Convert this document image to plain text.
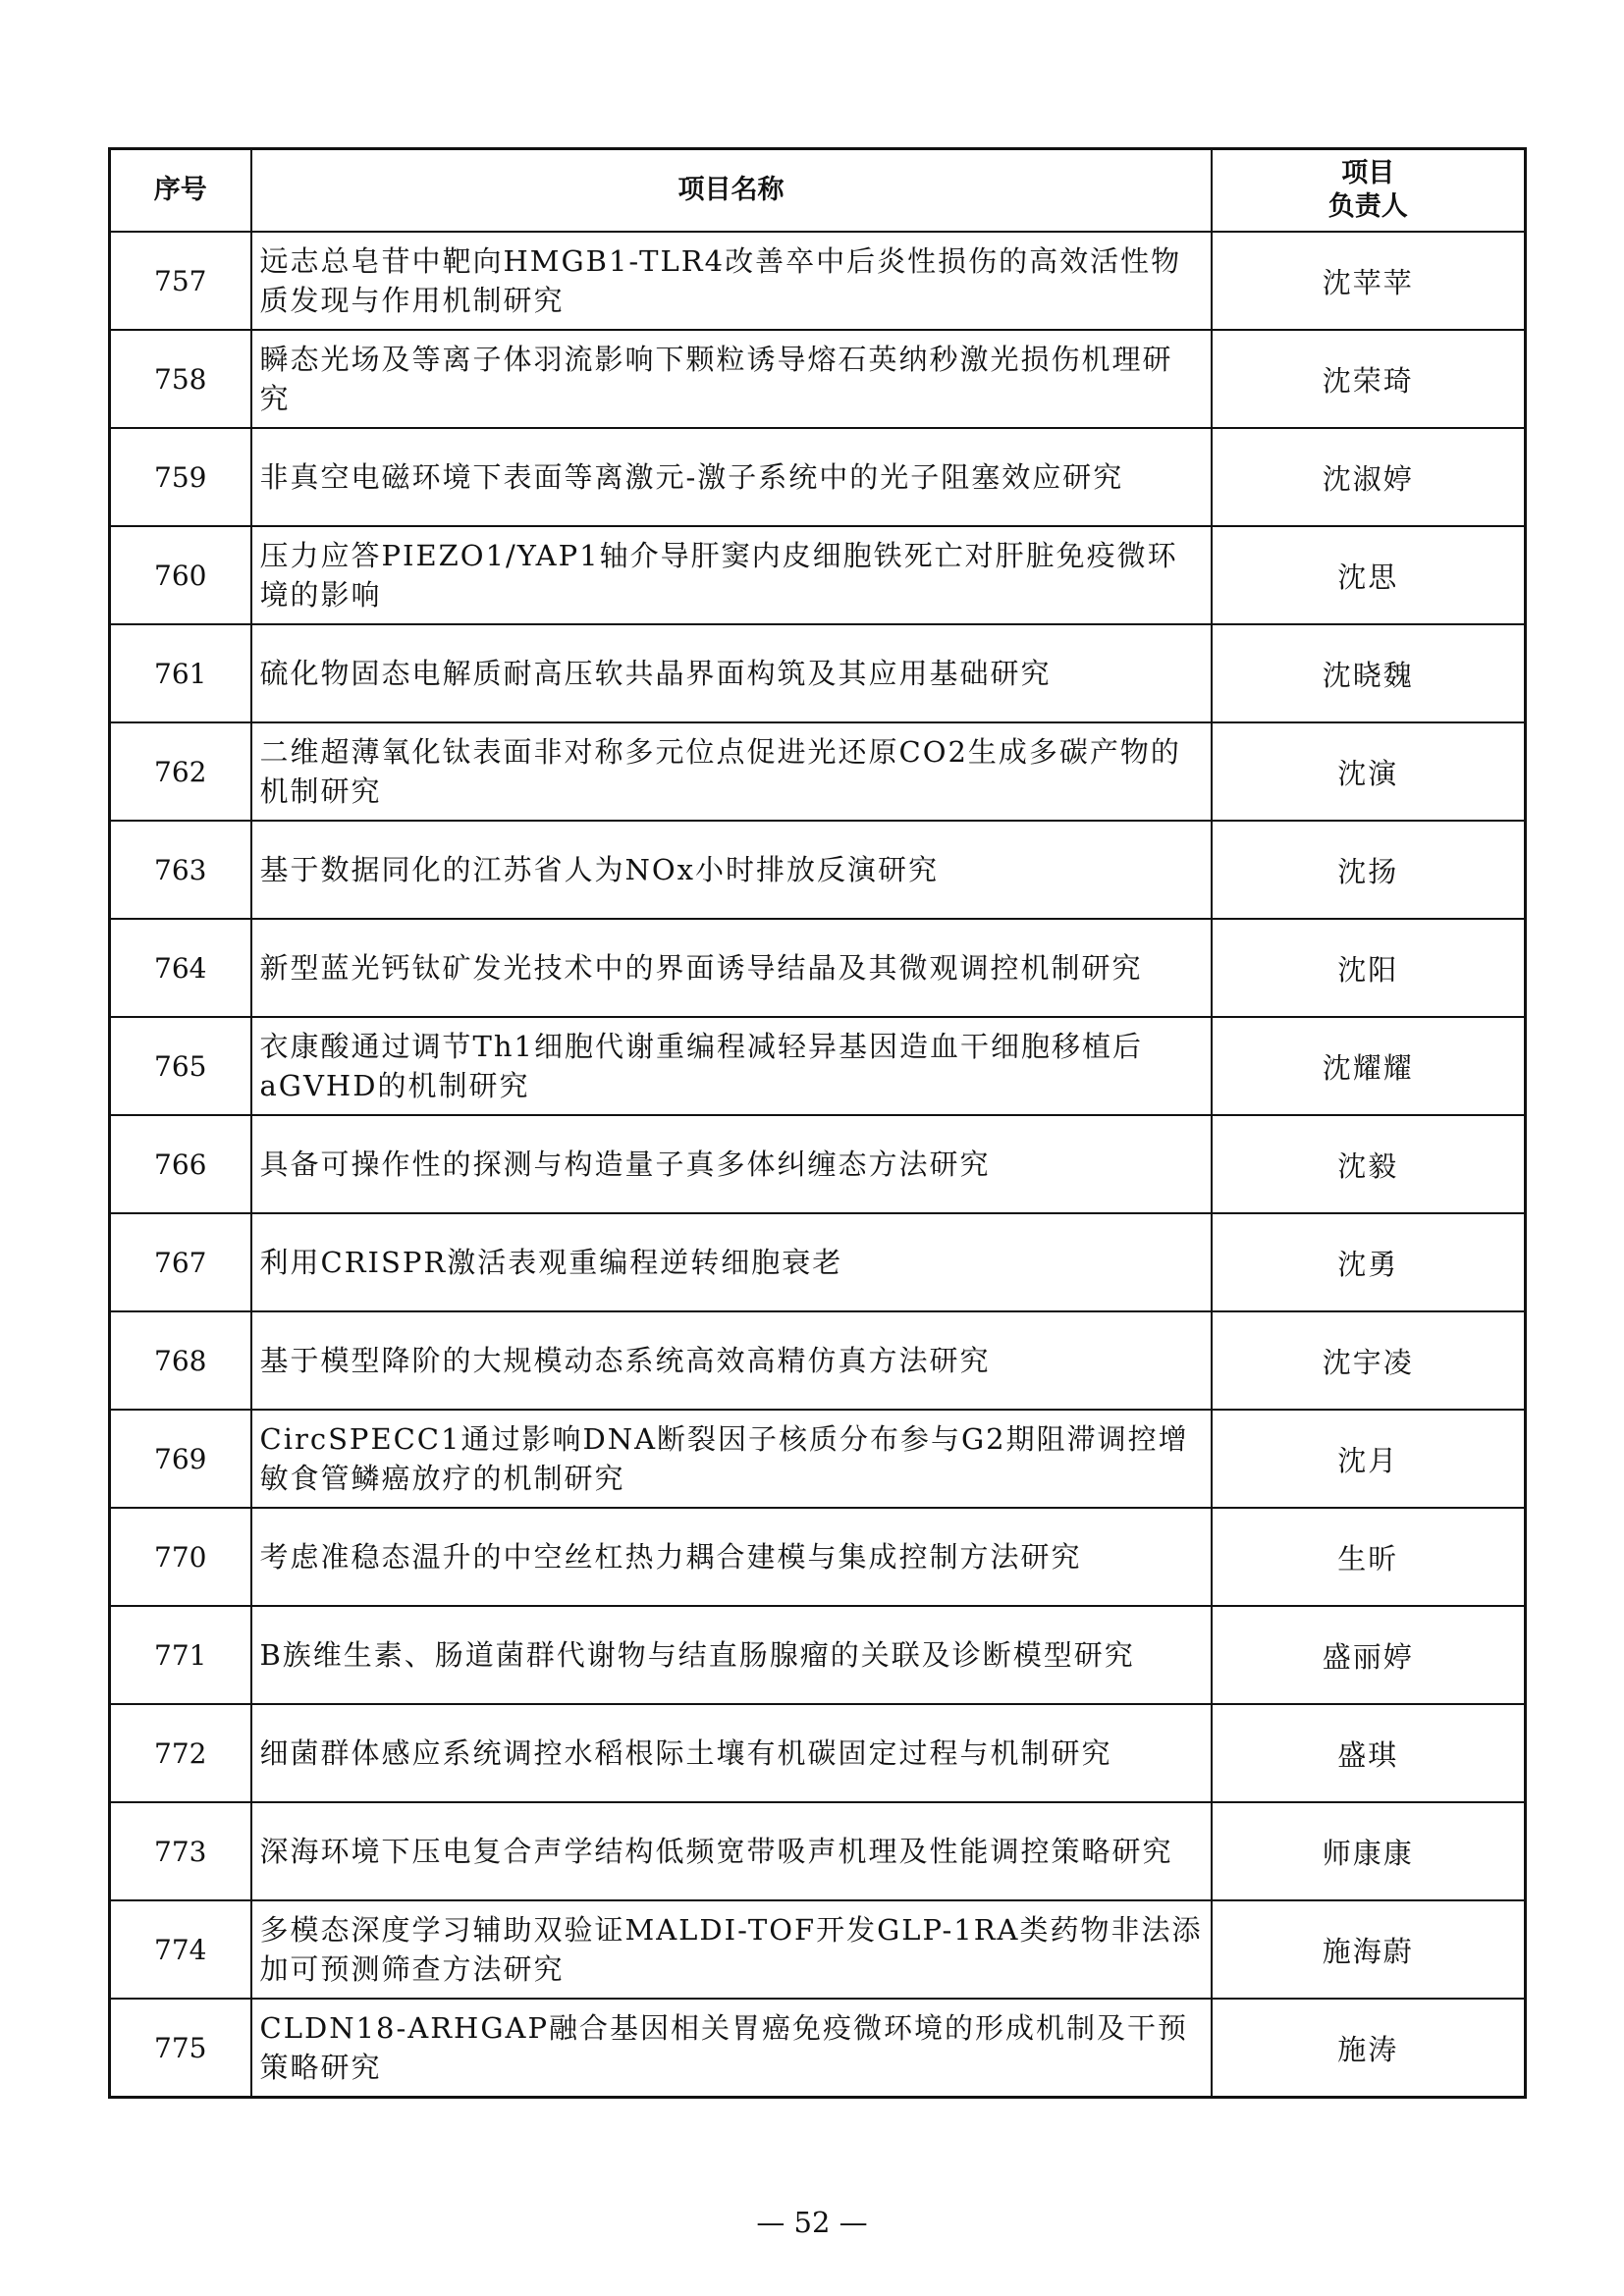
序号	项目名称	项目
负责人

757	远志总皂苷中靶向HMGB1-TLR4改善卒中后炎性损伤的高效活性物质发现与作用机制研究	沈苹苹
758	瞬态光场及等离子体羽流影响下颗粒诱导熔石英纳秒激光损伤机理研究	沈荣琦
759	非真空电磁环境下表面等离激元-激子系统中的光子阻塞效应研究	沈淑婷
760	压力应答PIEZO1/YAP1轴介导肝窦内皮细胞铁死亡对肝脏免疫微环境的影响	沈思
761	硫化物固态电解质耐高压软共晶界面构筑及其应用基础研究	沈晓魏
762	二维超薄氧化钛表面非对称多元位点促进光还原CO2生成多碳产物的机制研究	沈演
763	基于数据同化的江苏省人为NOx小时排放反演研究	沈扬
764	新型蓝光钙钛矿发光技术中的界面诱导结晶及其微观调控机制研究	沈阳
765	衣康酸通过调节Th1细胞代谢重编程减轻异基因造血干细胞移植后aGVHD的机制研究	沈耀耀
766	具备可操作性的探测与构造量子真多体纠缠态方法研究	沈毅
767	利用CRISPR激活表观重编程逆转细胞衰老	沈勇
768	基于模型降阶的大规模动态系统高效高精仿真方法研究	沈宇凌
769	CircSPECC1通过影响DNA断裂因子核质分布参与G2期阻滞调控增敏食管鳞癌放疗的机制研究	沈月
770	考虑准稳态温升的中空丝杠热力耦合建模与集成控制方法研究	生昕
771	B族维生素、肠道菌群代谢物与结直肠腺瘤的关联及诊断模型研究	盛丽婷
772	细菌群体感应系统调控水稻根际土壤有机碳固定过程与机制研究	盛琪
773	深海环境下压电复合声学结构低频宽带吸声机理及性能调控策略研究	师康康
774	多模态深度学习辅助双验证MALDI-TOF开发GLP-1RA类药物非法添加可预测筛查方法研究	施海蔚
775	CLDN18-ARHGAP融合基因相关胃癌免疫微环境的形成机制及干预策略研究	施涛
— 52 —
